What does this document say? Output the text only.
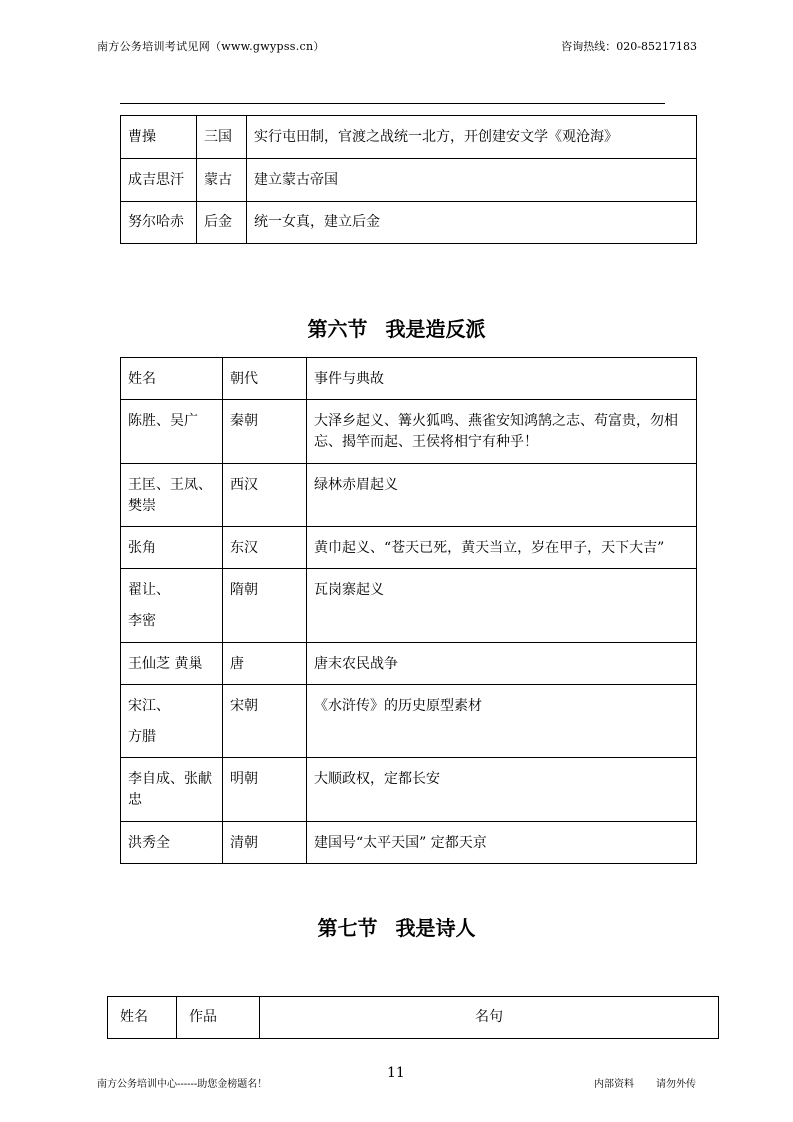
南方公务培训考试见网（www.gwypss.cn）	咨询热线：020-85217183
曹操	三国	实行屯田制，官渡之战统一北方，开创建安文学《观沧海》
成吉思汗	蒙古	建立蒙古帝国
努尔哈赤	后金	统一女真，建立后金
第六节 我是造反派
姓名	朝代	事件与典故
陈胜、吴广	秦朝	大泽乡起义、篝火狐鸣、燕雀安知鸿鹄之志、苟富贵，勿相忘、揭竿而起、王侯将相宁有种乎！
王匡、王凤、樊崇	西汉	绿林赤眉起义
张角	东汉	黄巾起义、“苍天已死，黄天当立，岁在甲子，天下大吉”

翟让、
李密	隋朝	瓦岗寨起义
王仙芝 黄巢	唐	唐末农民战争

宋江、
方腊	宋朝	《水浒传》的历史原型素材
李自成、张献忠	明朝	大顺政权，定都长安
洪秀全	清朝	建国号“太平天国” 定都天京
第七节 我是诗人
姓名	作品	名句
南方公务培训中心------助您金榜题名！
11
内部资料 请勿外传
